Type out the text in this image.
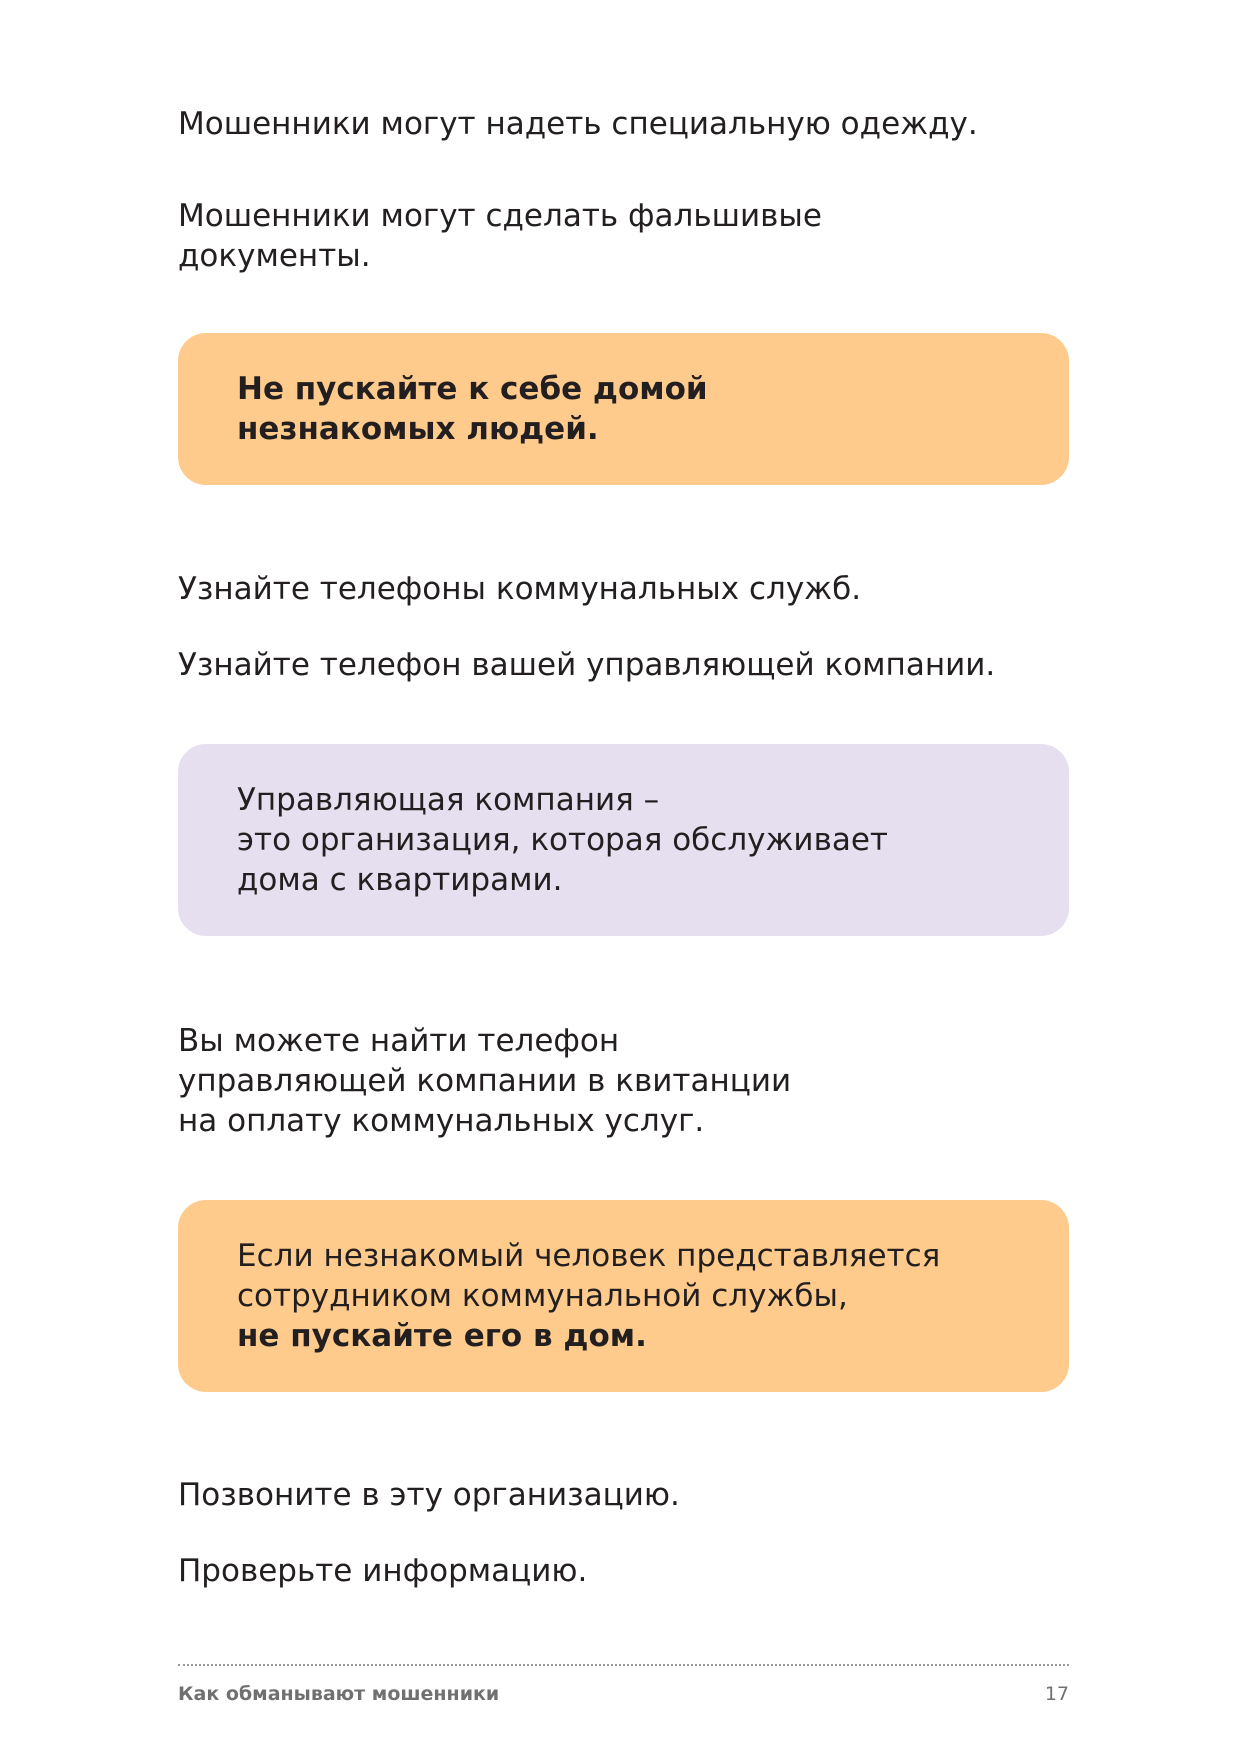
Мошенники могут надеть специальную одежду.
Мошенники могут сделать фальшивые
документы.
Не пускайте к себе домой
незнакомых людей.
Узнайте телефоны коммунальных служб.
Узнайте телефон вашей управляющей компании.
Управляющая компания –
это организация, которая обслуживает
дома с квартирами.
Вы можете найти телефон
управляющей компании в квитанции
на оплату коммунальных услуг.
Если незнакомый человек представляется
сотрудником коммунальной службы,
не пускайте его в дом.
Позвоните в эту организацию.
Проверьте информацию.
Как обманывают мошенники	17
